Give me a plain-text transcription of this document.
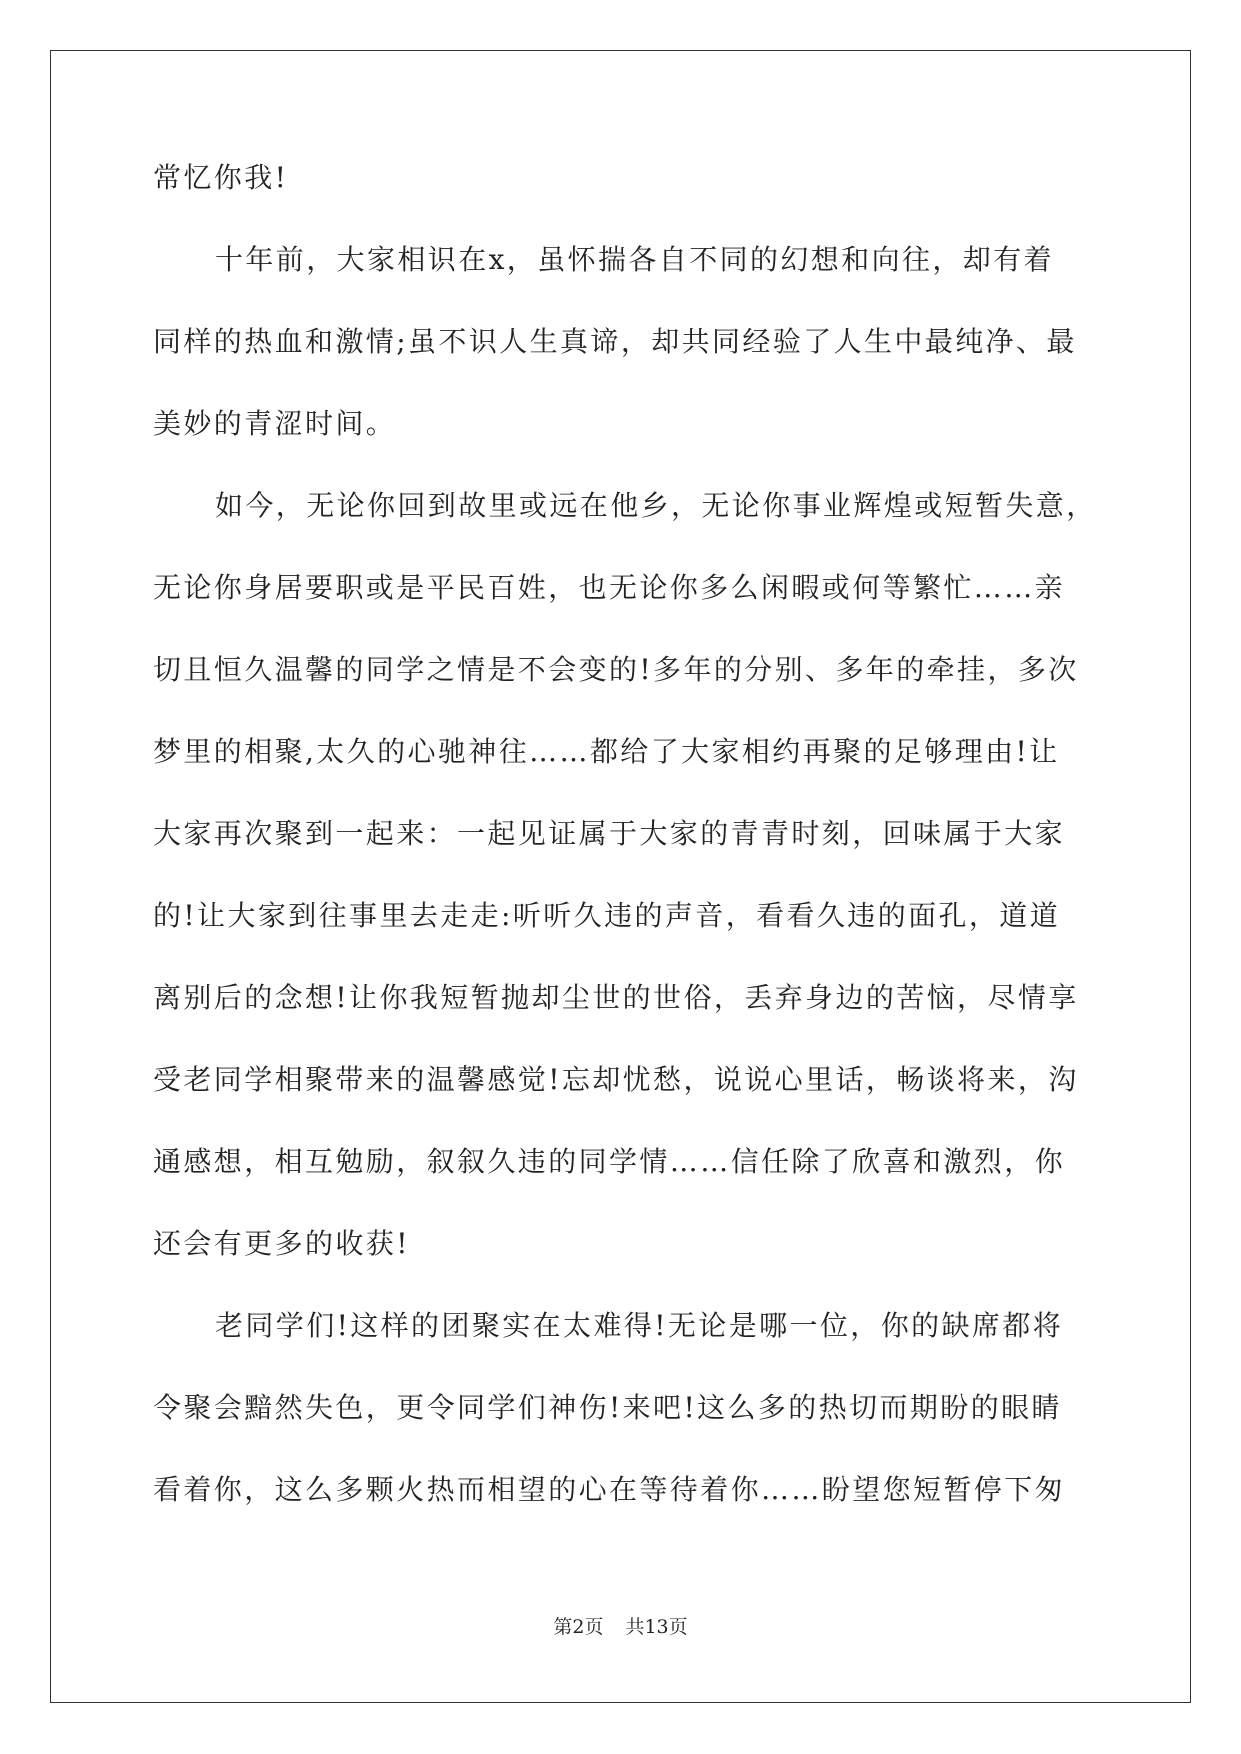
常忆你我!
十年前，大家相识在x，虽怀揣各自不同的幻想和向往，却有着
同样的热血和激情;虽不识人生真谛，却共同经验了人生中最纯净、最
美妙的青涩时间。
如今，无论你回到故里或远在他乡，无论你事业辉煌或短暂失意，
无论你身居要职或是平民百姓，也无论你多么闲暇或何等繁忙……亲
切且恒久温馨的同学之情是不会变的!多年的分别、多年的牵挂，多次
梦里的相聚,太久的心驰神往……都给了大家相约再聚的足够理由!让
大家再次聚到一起来：一起见证属于大家的青青时刻，回味属于大家
的!让大家到往事里去走走:听听久违的声音，看看久违的面孔，道道
离别后的念想!让你我短暂抛却尘世的世俗，丢弃身边的苦恼，尽情享
受老同学相聚带来的温馨感觉!忘却忧愁，说说心里话，畅谈将来，沟
通感想，相互勉励，叙叙久违的同学情……信任除了欣喜和激烈，你
还会有更多的收获!
老同学们!这样的团聚实在太难得!无论是哪一位，你的缺席都将
令聚会黯然失色，更令同学们神伤!来吧!这么多的热切而期盼的眼睛
看着你，这么多颗火热而相望的心在等待着你……盼望您短暂停下匆
第2页 共13页
